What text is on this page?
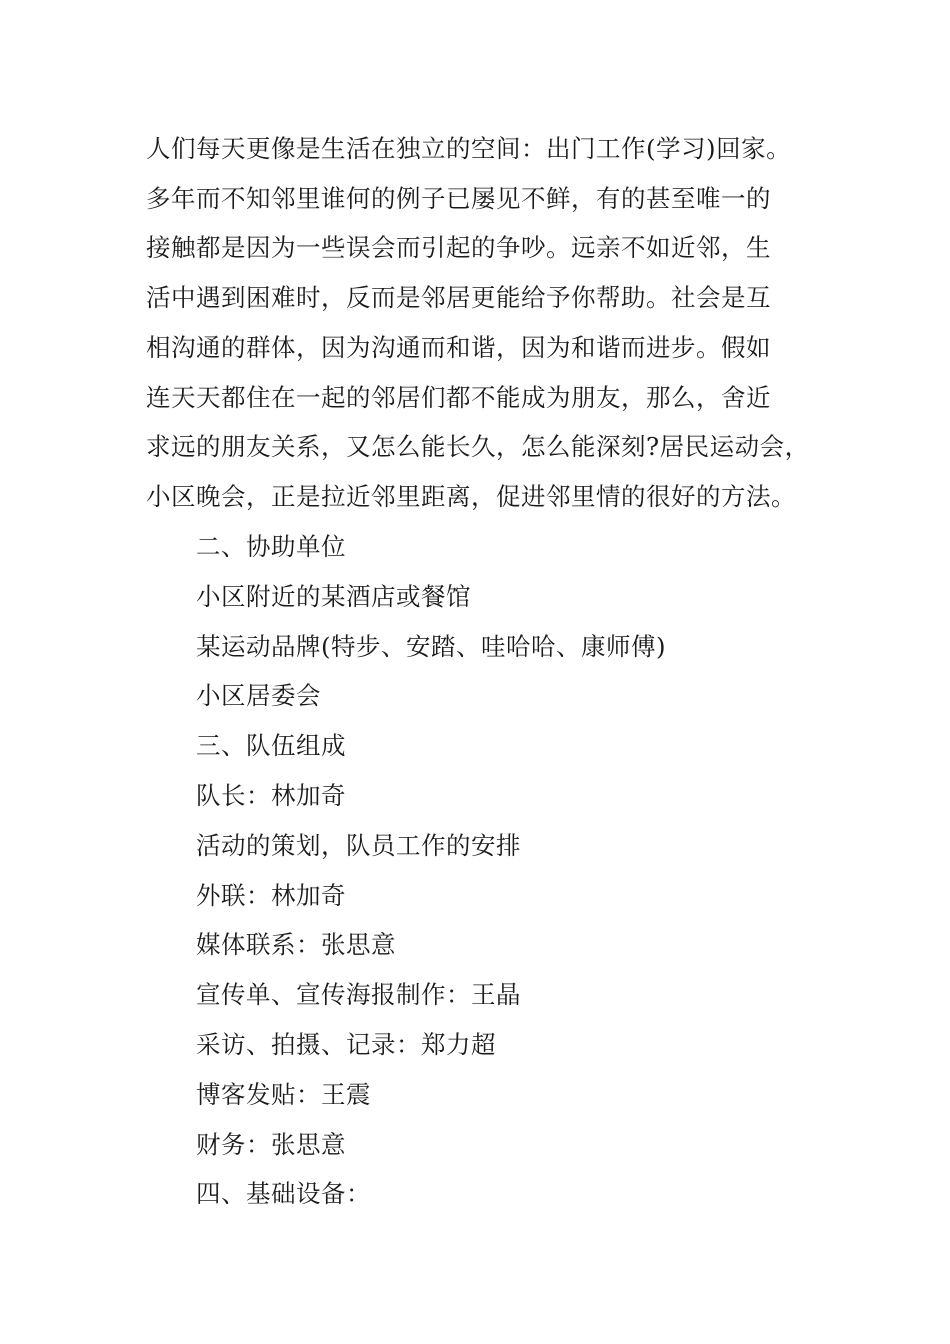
人们每天更像是生活在独立的空间：出门工作(学习)回家。
多年而不知邻里谁何的例子已屡见不鲜，有的甚至唯一的
接触都是因为一些误会而引起的争吵。远亲不如近邻，生
活中遇到困难时，反而是邻居更能给予你帮助。社会是互
相沟通的群体，因为沟通而和谐，因为和谐而进步。假如
连天天都住在一起的邻居们都不能成为朋友，那么，舍近
求远的朋友关系，又怎么能长久，怎么能深刻?居民运动会，
小区晚会，正是拉近邻里距离，促进邻里情的很好的方法。

二、协助单位
小区附近的某酒店或餐馆
某运动品牌(特步、安踏、哇哈哈、康师傅)
小区居委会
三、队伍组成
队长：林加奇
活动的策划，队员工作的安排
外联：林加奇
媒体联系：张思意
宣传单、宣传海报制作：王晶
采访、拍摄、记录：郑力超
博客发贴：王震
财务：张思意
四、基础设备：
